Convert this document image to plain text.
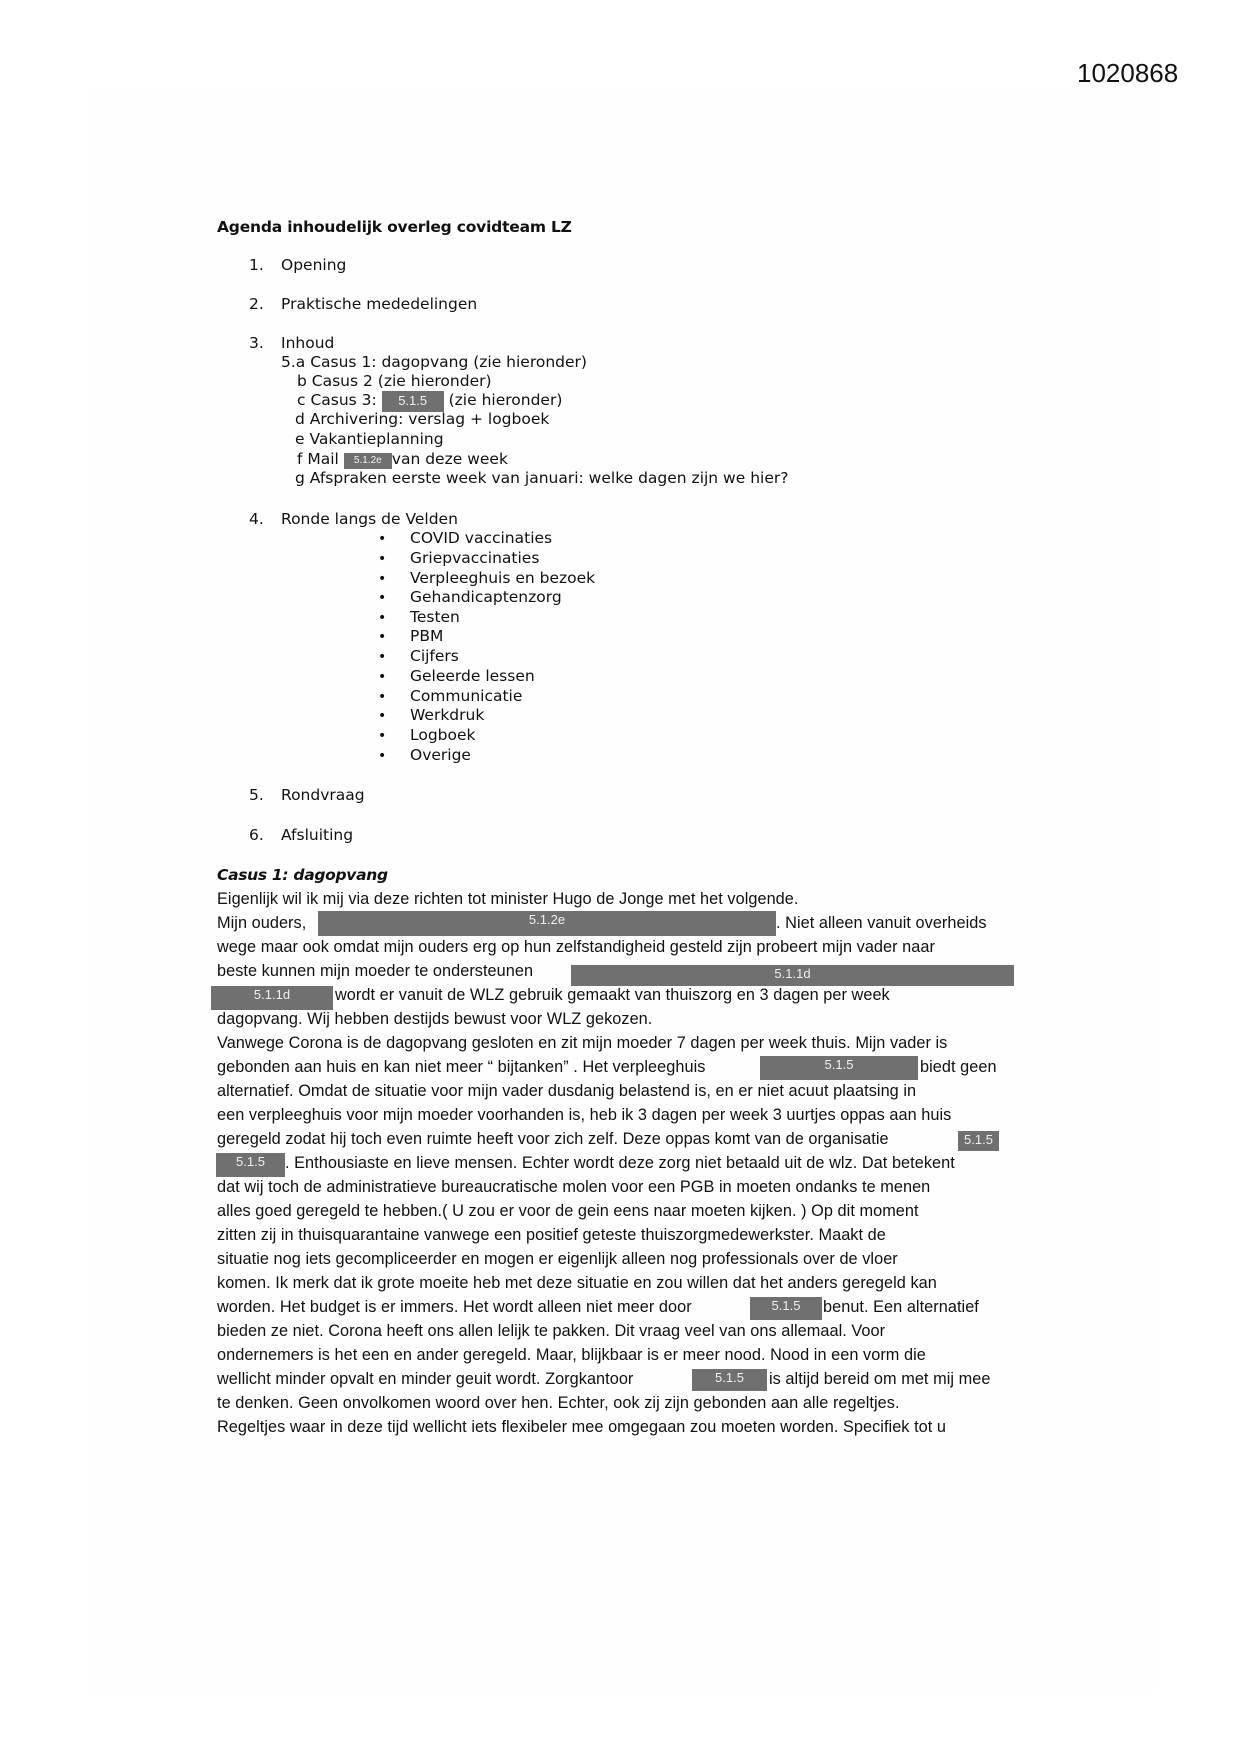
1020868
Agenda inhoudelijk overleg covidteam LZ
1. Opening
2. Praktische mededelingen
3. Inhoud
5.a Casus 1: dagopvang (zie hieronder)
b Casus 2 (zie hieronder)
c Casus 3: 5.1.5 (zie hieronder)
d Archivering: verslag + logboek
e Vakantieplanning
f Mail 5.1.2e van deze week
g Afspraken eerste week van januari: welke dagen zijn we hier?
4. Ronde langs de Velden
• COVID vaccinaties
• Griepvaccinaties
• Verpleeghuis en bezoek
• Gehandicaptenzorg
• Testen
• PBM
• Cijfers
• Geleerde lessen
• Communicatie
• Werkdruk
• Logboek
• Overige
5. Rondvraag
6. Afsluiting
Casus 1: dagopvang
Eigenlijk wil ik mij via deze richten tot minister Hugo de Jonge met het volgende.
Mijn ouders,	5.1.2e	. Niet alleen vanuit overheids
wege maar ook omdat mijn ouders erg op hun zelfstandigheid gesteld zijn probeert mijn vader naar
beste kunnen mijn moeder te ondersteunen	5.1.1d
5.1.1d	wordt er vanuit de WLZ gebruik gemaakt van thuiszorg en 3 dagen per week
dagopvang. Wij hebben destijds bewust voor WLZ gekozen.
Vanwege Corona is de dagopvang gesloten en zit mijn moeder 7 dagen per week thuis. Mijn vader is
gebonden aan huis en kan niet meer “ bijtanken” . Het verpleeghuis	5.1.5	biedt geen
alternatief. Omdat de situatie voor mijn vader dusdanig belastend is, en er niet acuut plaatsing in
een verpleeghuis voor mijn moeder voorhanden is, heb ik 3 dagen per week 3 uurtjes oppas aan huis
geregeld zodat hij toch even ruimte heeft voor zich zelf. Deze oppas komt van de organisatie	5.1.5
5.1.5	. Enthousiaste en lieve mensen. Echter wordt deze zorg niet betaald uit de wlz. Dat betekent
dat wij toch de administratieve bureaucratische molen voor een PGB in moeten ondanks te menen
alles goed geregeld te hebben.( U zou er voor de gein eens naar moeten kijken. ) Op dit moment
zitten zij in thuisquarantaine vanwege een positief geteste thuiszorgmedewerkster. Maakt de
situatie nog iets gecompliceerder en mogen er eigenlijk alleen nog professionals over de vloer
komen. Ik merk dat ik grote moeite heb met deze situatie en zou willen dat het anders geregeld kan
worden. Het budget is er immers. Het wordt alleen niet meer door	5.1.5	benut. Een alternatief
bieden ze niet. Corona heeft ons allen lelijk te pakken. Dit vraag veel van ons allemaal. Voor
ondernemers is het een en ander geregeld. Maar, blijkbaar is er meer nood. Nood in een vorm die
wellicht minder opvalt en minder geuit wordt. Zorgkantoor	5.1.5	is altijd bereid om met mij mee
te denken. Geen onvolkomen woord over hen. Echter, ook zij zijn gebonden aan alle regeltjes.
Regeltjes waar in deze tijd wellicht iets flexibeler mee omgegaan zou moeten worden. Specifiek tot u
